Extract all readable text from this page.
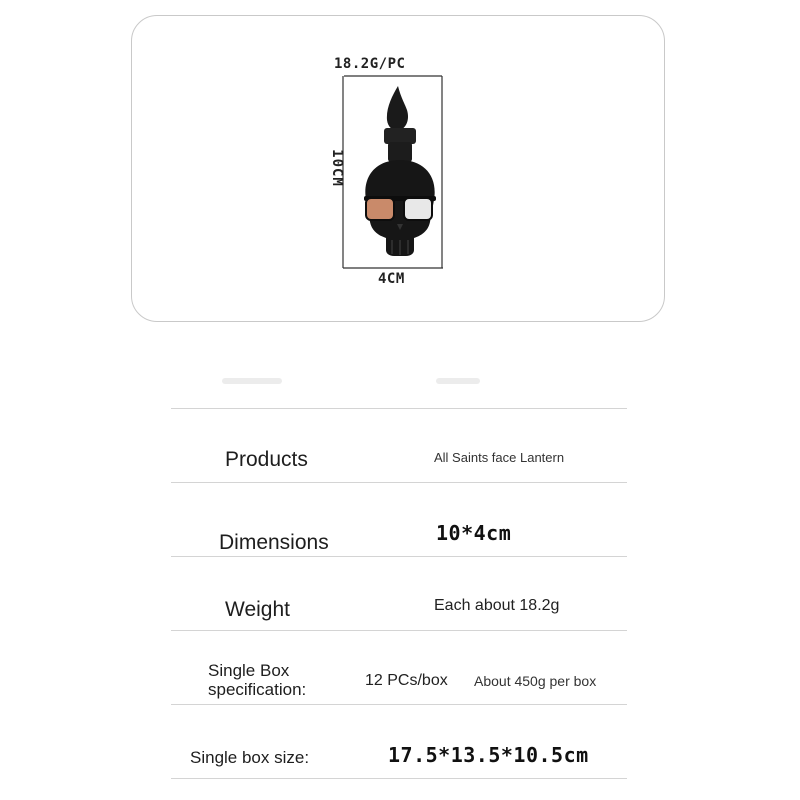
18.2G/PC
10CM
4CM
Products	All Saints face Lantern
Dimensions	10*4cm
Weight	Each about 18.2g
Single Box
specification:	12 PCs/box About 450g per box
Single box size:	17.5*13.5*10.5cm
